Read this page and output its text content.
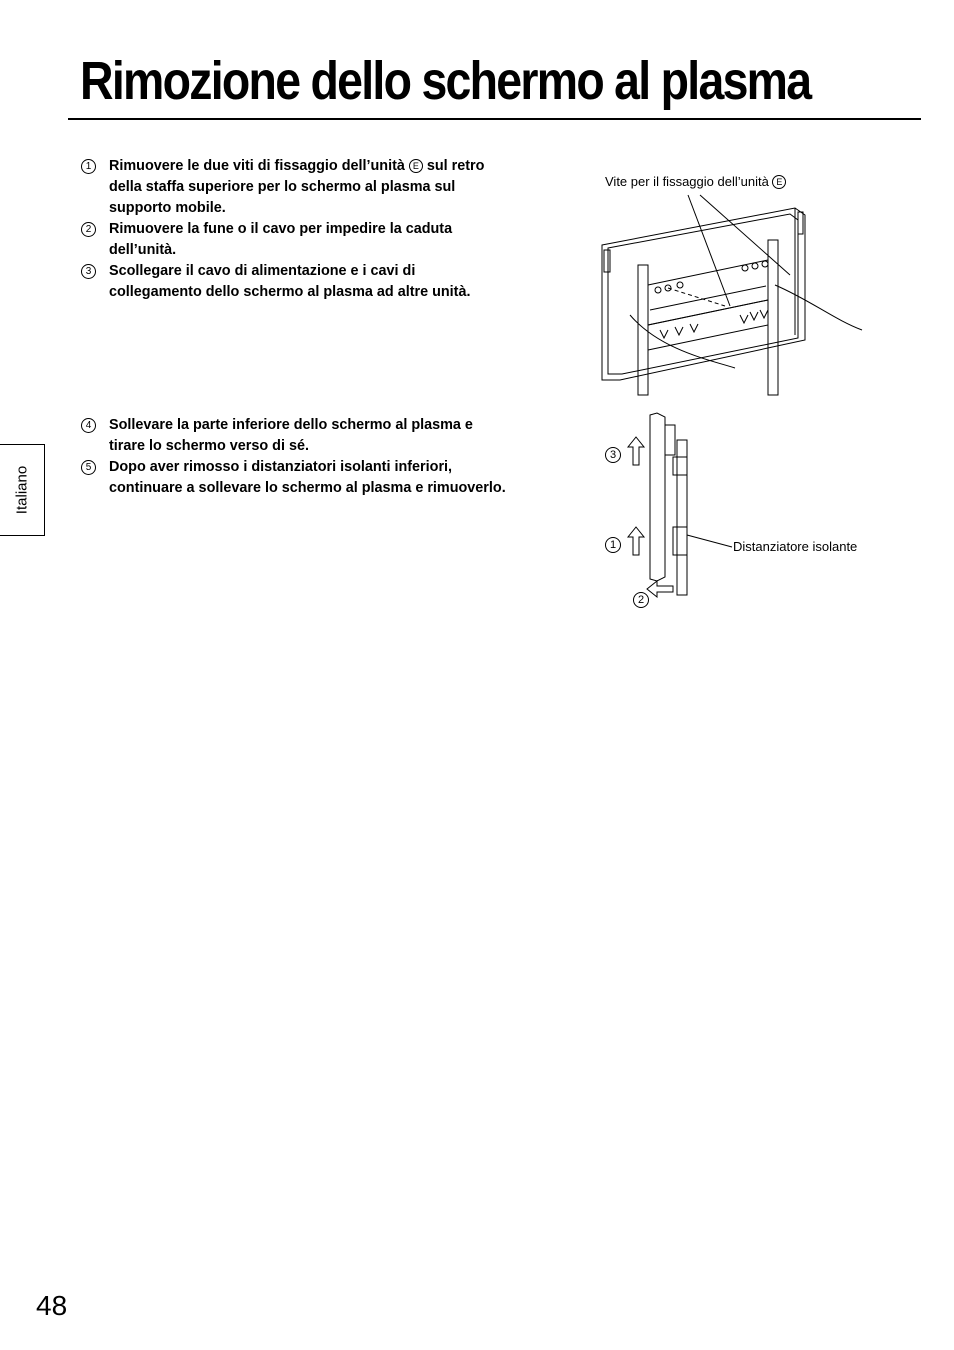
Rimozione dello schermo al plasma
1	Rimuovere le due viti di fissaggio dell’unità E sul retro della staffa superiore per lo schermo al plasma sul supporto mobile.
2	Rimuovere la fune o il cavo per impedire la caduta dell’unità.
3	Scollegare il cavo di alimentazione e i cavi di collegamento dello schermo al plasma ad altre unità.
4	Sollevare la parte inferiore dello schermo al plasma e tirare lo schermo verso di sé.
5	Dopo aver rimosso i distanziatori isolanti inferiori, continuare a sollevare lo schermo al plasma e rimuoverlo.
Italiano
48
Vite per il fissaggio dell’unità E
3
1
2
Distanziatore isolante
